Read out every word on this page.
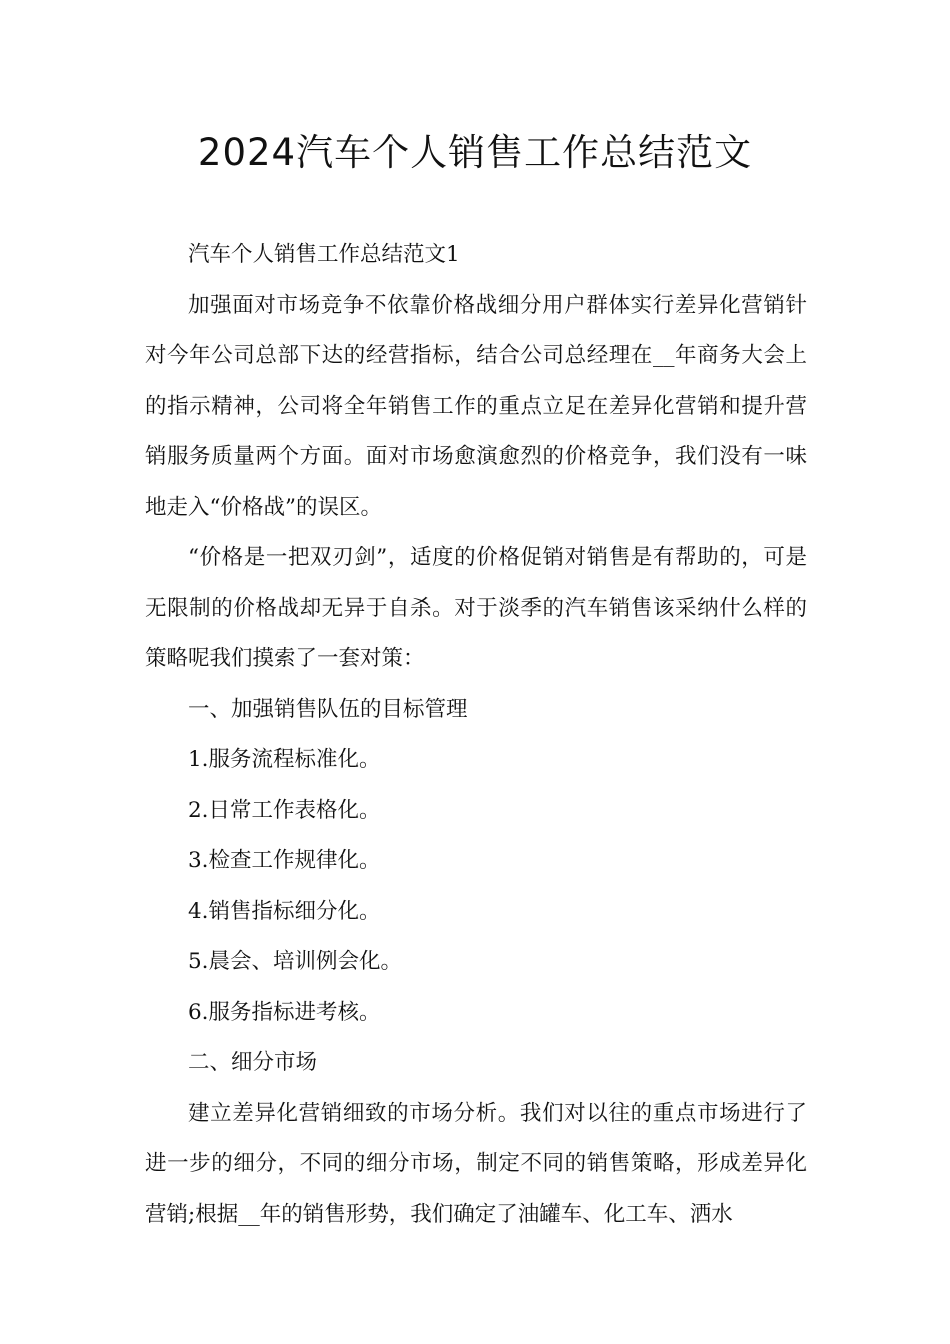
2024汽车个人销售工作总结范文

汽车个人销售工作总结范文1

加强面对市场竞争不依靠价格战细分用户群体实行差异化营销针对今年公司总部下达的经营指标，结合公司总经理在__年商务大会上的指示精神，公司将全年销售工作的重点立足在差异化营销和提升营销服务质量两个方面。面对市场愈演愈烈的价格竞争，我们没有一味地走入“价格战”的误区。

“价格是一把双刃剑”，适度的价格促销对销售是有帮助的，可是无限制的价格战却无异于自杀。对于淡季的汽车销售该采纳什么样的策略呢我们摸索了一套对策：

一、加强销售队伍的目标管理

1.服务流程标准化。

2.日常工作表格化。

3.检查工作规律化。

4.销售指标细分化。

5.晨会、培训例会化。

6.服务指标进考核。

二、细分市场

建立差异化营销细致的市场分析。我们对以往的重点市场进行了进一步的细分，不同的细分市场，制定不同的销售策略，形成差异化营销;根据__年的销售形势，我们确定了油罐车、化工车、洒水
